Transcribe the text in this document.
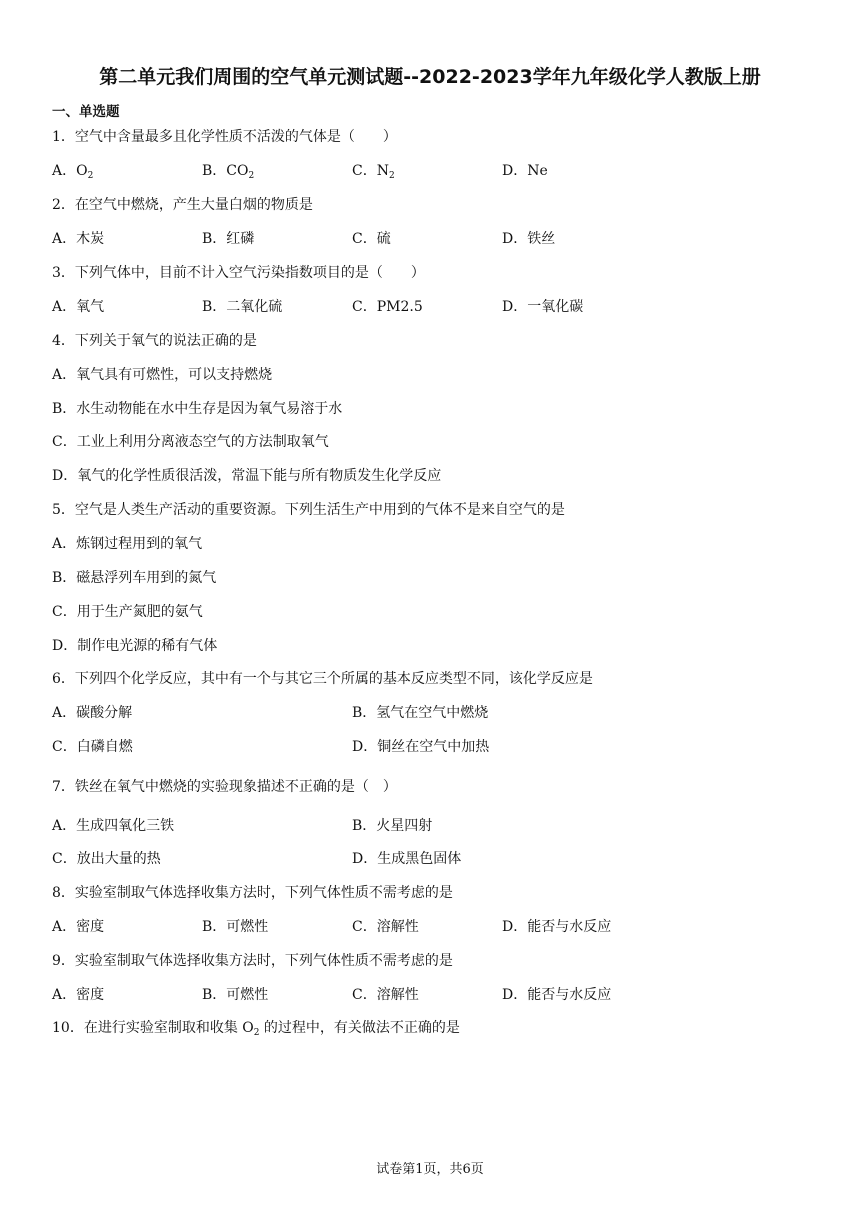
第二单元我们周围的空气单元测试题--2022-2023学年九年级化学人教版上册
一、单选题
1．空气中含量最多且化学性质不活泼的气体是（　　）
A．$O_2$	B．$CO_2$	C．$N_2$	D．Ne
2．在空气中燃烧，产生大量白烟的物质是
A．木炭	B．红磷	C．硫	D．铁丝
3．下列气体中，目前不计入空气污染指数项目的是（　　）
A．氧气	B．二氧化硫	C．PM2.5	D．一氧化碳
4．下列关于氧气的说法正确的是
A．氧气具有可燃性，可以支持燃烧
B．水生动物能在水中生存是因为氧气易溶于水
C．工业上利用分离液态空气的方法制取氧气
D．氧气的化学性质很活泼，常温下能与所有物质发生化学反应
5．空气是人类生产活动的重要资源。下列生活生产中用到的气体不是来自空气的是
A．炼钢过程用到的氧气
B．磁悬浮列车用到的氮气
C．用于生产氮肥的氨气
D．制作电光源的稀有气体
6．下列四个化学反应，其中有一个与其它三个所属的基本反应类型不同，该化学反应是
A．碳酸分解	B．氢气在空气中燃烧
C．白磷自燃	D．铜丝在空气中加热
7．铁丝在氧气中燃烧的实验现象描述不正确的是（　）
A．生成四氧化三铁	B．火星四射
C．放出大量的热	D．生成黑色固体
8．实验室制取气体选择收集方法时，下列气体性质不需考虑的是
A．密度	B．可燃性	C．溶解性	D．能否与水反应
9．实验室制取气体选择收集方法时，下列气体性质不需考虑的是
A．密度	B．可燃性	C．溶解性	D．能否与水反应
10．在进行实验室制取和收集 $O_2$ 的过程中，有关做法不正确的是
试卷第1页，共6页
